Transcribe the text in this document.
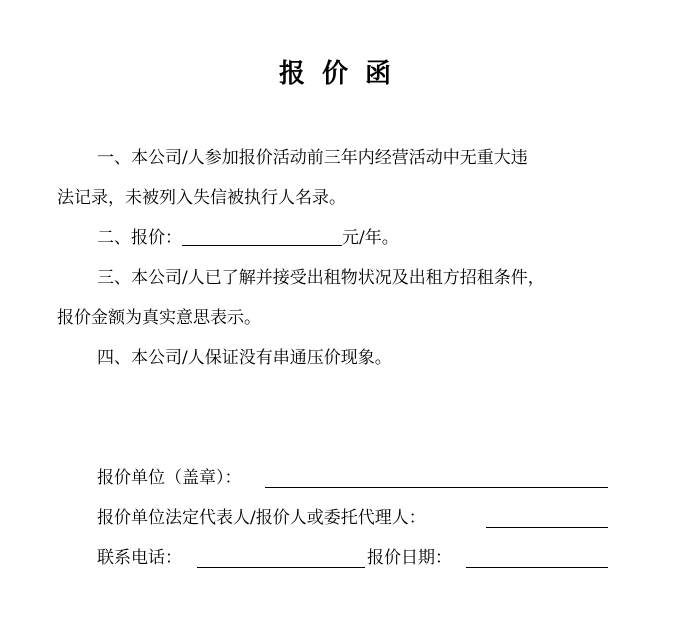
报 价 函
一、本公司/人参加报价活动前三年内经营活动中无重大违
法记录，未被列入失信被执行人名录。
二、报价：	元/年。
三、本公司/人已了解并接受出租物状况及出租方招租条件，
报价金额为真实意思表示。
四、本公司/人保证没有串通压价现象。
报价单位（盖章）：
报价单位法定代表人/报价人或委托代理人：
联系电话：	报价日期：
